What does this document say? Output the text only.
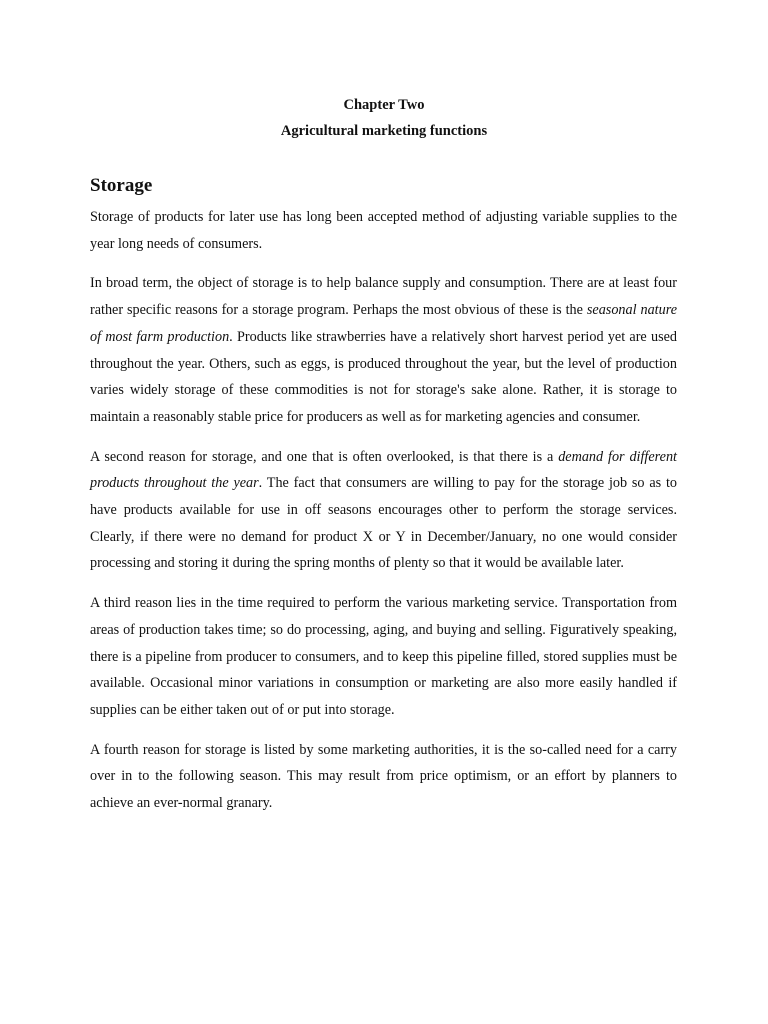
Chapter Two
Agricultural marketing functions
Storage

Storage of products for later use has long been accepted method of adjusting variable supplies to the year long needs of consumers.

In broad term, the object of storage is to help balance supply and consumption. There are at least four rather specific reasons for a storage program. Perhaps the most obvious of these is the seasonal nature of most farm production. Products like strawberries have a relatively short harvest period yet are used throughout the year. Others, such as eggs, is produced throughout the year, but the level of production varies widely storage of these commodities is not for storage's sake alone. Rather, it is storage to maintain a reasonably stable price for producers as well as for marketing agencies and consumer.

A second reason for storage, and one that is often overlooked, is that there is a demand for different products throughout the year. The fact that consumers are willing to pay for the storage job so as to have products available for use in off seasons encourages other to perform the storage services. Clearly, if there were no demand for product X or Y in December/January, no one would consider processing and storing it during the spring months of plenty so that it would be available later.

A third reason lies in the time required to perform the various marketing service. Transportation from areas of production takes time; so do processing, aging, and buying and selling. Figuratively speaking, there is a pipeline from producer to consumers, and to keep this pipeline filled, stored supplies must be available. Occasional minor variations in consumption or marketing are also more easily handled if supplies can be either taken out of or put into storage.

A fourth reason for storage is listed by some marketing authorities, it is the so-called need for a carry over in to the following season. This may result from price optimism, or an effort by planners to achieve an ever-normal granary.
